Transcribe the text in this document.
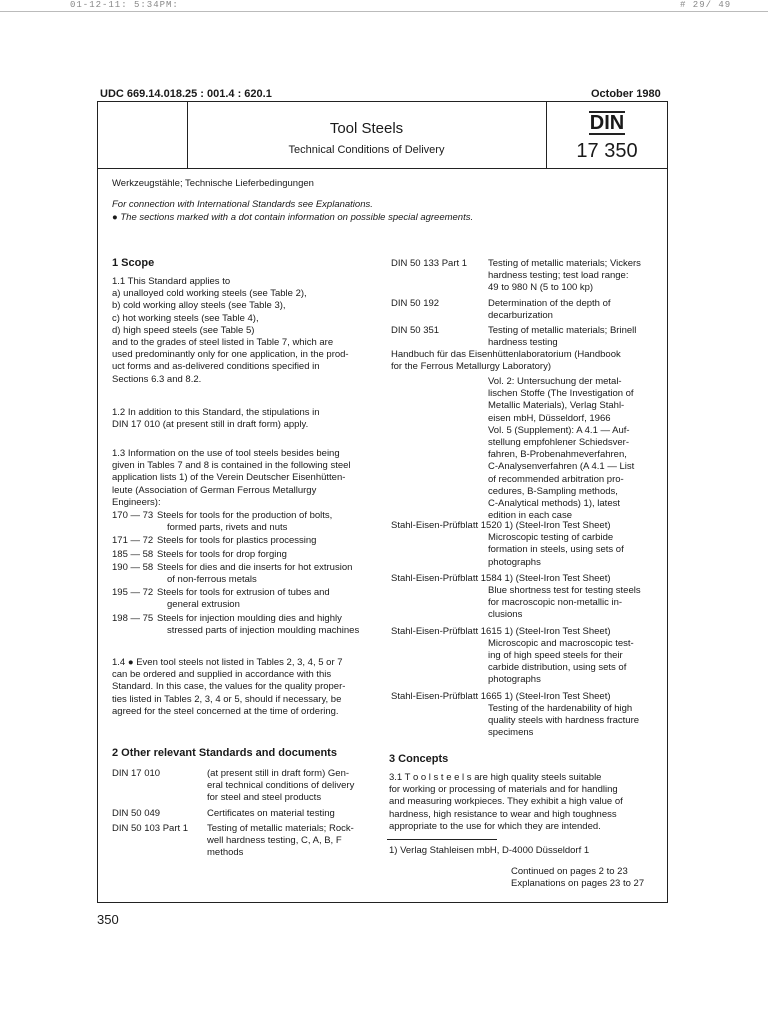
01-12-11: 5:34PM:	# 29/ 49
UDC 669.14.018.25 : 001.4 : 620.1	October 1980
Tool Steels
Technical Conditions of Delivery
DIN
17 350
Werkzeugstähle; Technische Lieferbedingungen
For connection with International Standards see Explanations.
● The sections marked with a dot contain information on possible special agreements.
1 Scope
1.1 This Standard applies to
a) unalloyed cold working steels (see Table 2),
b) cold working alloy steels (see Table 3),
c) hot working steels (see Table 4),
d) high speed steels (see Table 5)
and to the grades of steel listed in Table 7, which are
used predominantly only for one application, in the prod-
uct forms and as-delivered conditions specified in
Sections 6.3 and 8.2.
1.2 In addition to this Standard, the stipulations in
DIN 17 010 (at present still in draft form) apply.
1.3 Information on the use of tool steels besides being
given in Tables 7 and 8 is contained in the following steel
application lists 1) of the Verein Deutscher Eisenhütten-
leute (Association of German Ferrous Metallurgy
Engineers):
170 — 73 Steels for tools for the production of bolts,
formed parts, rivets and nuts
171 — 72 Steels for tools for plastics processing
185 — 58 Steels for tools for drop forging
190 — 58 Steels for dies and die inserts for hot extrusion
of non-ferrous metals
195 — 72 Steels for tools for extrusion of tubes and
general extrusion
198 — 75 Steels for injection moulding dies and highly
stressed parts of injection moulding machines
1.4 ● Even tool steels not listed in Tables 2, 3, 4, 5 or 7
can be ordered and supplied in accordance with this
Standard. In this case, the values for the quality proper-
ties listed in Tables 2, 3, 4 or 5, should if necessary, be
agreed for the steel concerned at the time of ordering.
2 Other relevant Standards and documents
DIN 17 010	(at present still in draft form) Gen-
eral technical conditions of delivery
for steel and steel products
DIN 50 049	Certificates on material testing
DIN 50 103 Part 1 Testing of metallic materials; Rock-
well hardness testing, C, A, B, F
methods
DIN 50 133 Part 1 Testing of metallic materials; Vickers
hardness testing; test load range:
49 to 980 N (5 to 100 kp)
DIN 50 192	Determination of the depth of
decarburization
DIN 50 351	Testing of metallic materials; Brinell
hardness testing
Handbuch für das Eisenhüttenlaboratorium (Handbook
for the Ferrous Metallurgy Laboratory)
Vol. 2: Untersuchung der metal-
lischen Stoffe (The Investigation of
Metallic Materials), Verlag Stahl-
eisen mbH, Düsseldorf, 1966
Vol. 5 (Supplement): A 4.1 — Auf-
stellung empfohlener Schiedsver-
fahren, B-Probenahmeverfahren,
C-Analysenverfahren (A 4.1 — List
of recommended arbitration pro-
cedures, B-Sampling methods,
C-Analytical methods) 1), latest
edition in each case
Stahl-Eisen-Prüfblatt 1520 1) (Steel-Iron Test Sheet)
Microscopic testing of carbide
formation in steels, using sets of
photographs
Stahl-Eisen-Prüfblatt 1584 1) (Steel-Iron Test Sheet)
Blue shortness test for testing steels
for macroscopic non-metallic in-
clusions
Stahl-Eisen-Prüfblatt 1615 1) (Steel-Iron Test Sheet)
Microscopic and macroscopic test-
ing of high speed steels for their
carbide distribution, using sets of
photographs
Stahl-Eisen-Prüfblatt 1665 1) (Steel-Iron Test Sheet)
Testing of the hardenability of high
quality steels with hardness fracture
specimens
3 Concepts
3.1 T o o l s t e e l s are high quality steels suitable
for working or processing of materials and for handling
and measuring workpieces. They exhibit a high value of
hardness, high resistance to wear and high toughness
appropriate to the use for which they are intended.
1) Verlag Stahleisen mbH, D-4000 Düsseldorf 1
Continued on pages 2 to 23
Explanations on pages 23 to 27
350
